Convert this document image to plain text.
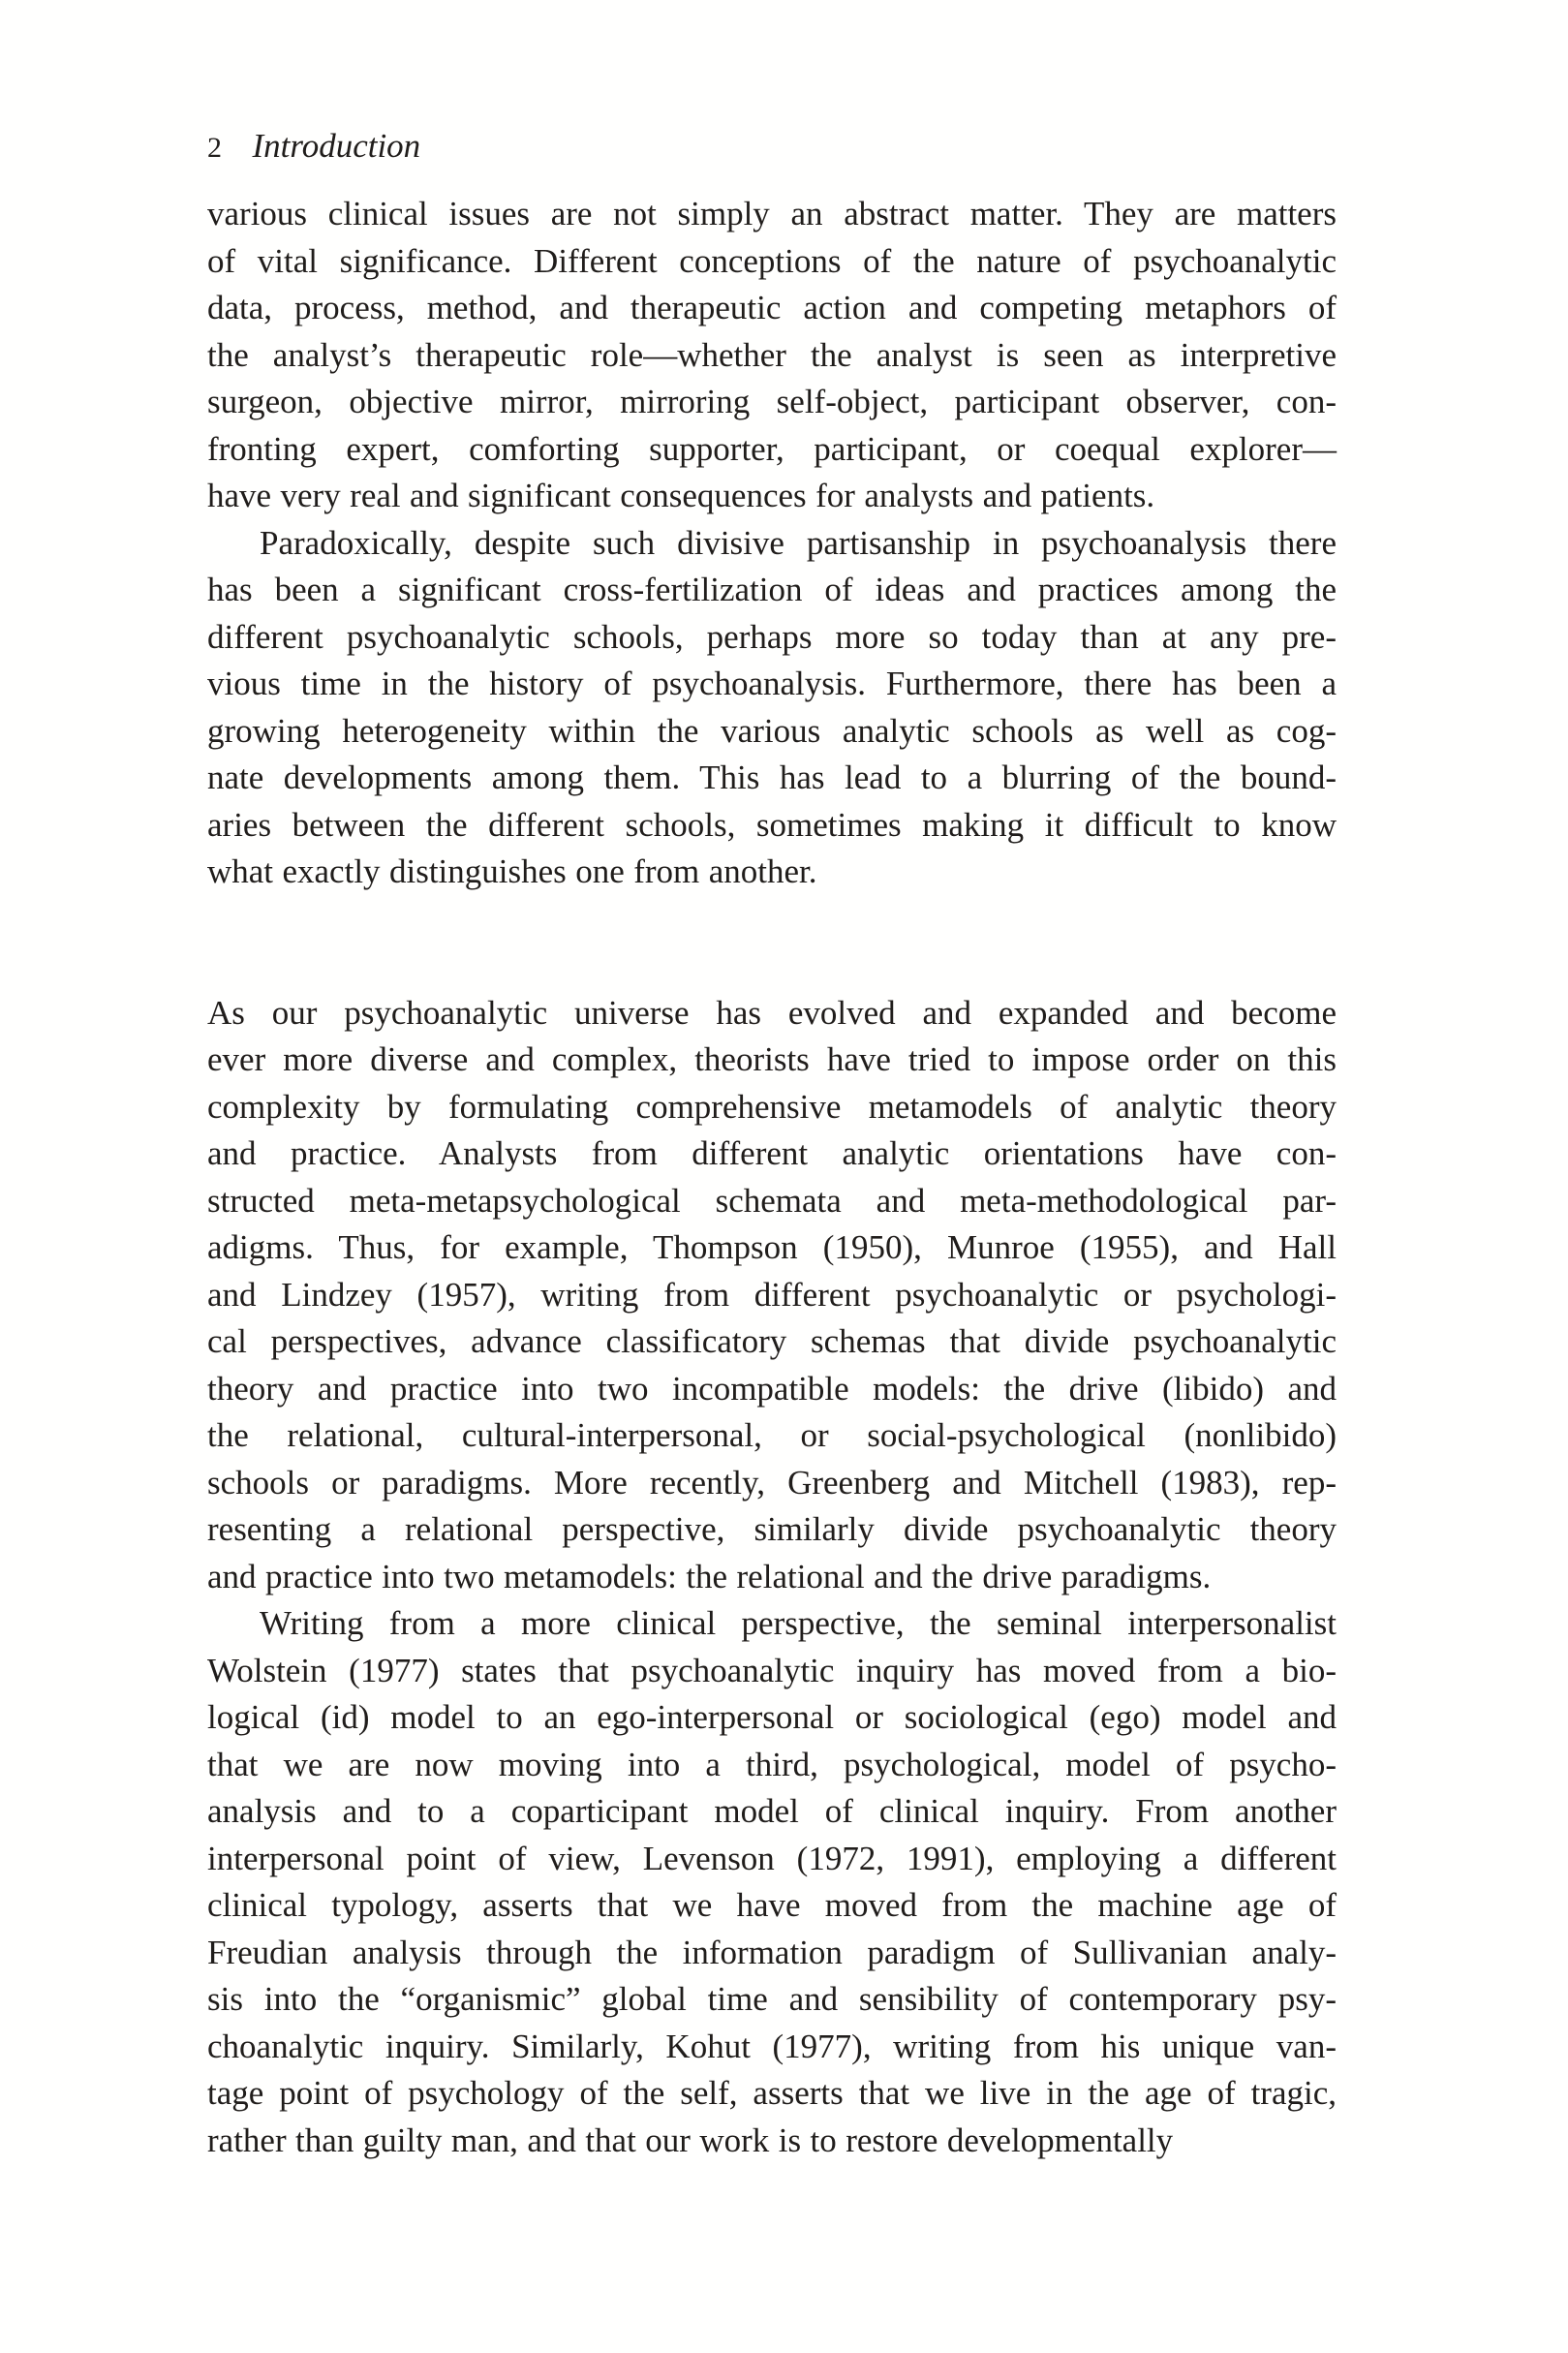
2 Introduction
various clinical issues are not simply an abstract matter. They are matters
of vital significance. Different conceptions of the nature of psychoanalytic
data, process, method, and therapeutic action and competing metaphors of
the analyst’s therapeutic role—whether the analyst is seen as interpretive
surgeon, objective mirror, mirroring self-object, participant observer, con-
fronting expert, comforting supporter, participant, or coequal explorer—
have very real and significant consequences for analysts and patients.
Paradoxically, despite such divisive partisanship in psychoanalysis there
has been a significant cross-fertilization of ideas and practices among the
different psychoanalytic schools, perhaps more so today than at any pre-
vious time in the history of psychoanalysis. Furthermore, there has been a
growing heterogeneity within the various analytic schools as well as cog-
nate developments among them. This has lead to a blurring of the bound-
aries between the different schools, sometimes making it difficult to know
what exactly distinguishes one from another.
As our psychoanalytic universe has evolved and expanded and become
ever more diverse and complex, theorists have tried to impose order on this
complexity by formulating comprehensive metamodels of analytic theory
and practice. Analysts from different analytic orientations have con-
structed meta-metapsychological schemata and meta-methodological par-
adigms. Thus, for example, Thompson (1950), Munroe (1955), and Hall
and Lindzey (1957), writing from different psychoanalytic or psychologi-
cal perspectives, advance classificatory schemas that divide psychoanalytic
theory and practice into two incompatible models: the drive (libido) and
the relational, cultural-interpersonal, or social-psychological (nonlibido)
schools or paradigms. More recently, Greenberg and Mitchell (1983), rep-
resenting a relational perspective, similarly divide psychoanalytic theory
and practice into two metamodels: the relational and the drive paradigms.
Writing from a more clinical perspective, the seminal interpersonalist
Wolstein (1977) states that psychoanalytic inquiry has moved from a bio-
logical (id) model to an ego-interpersonal or sociological (ego) model and
that we are now moving into a third, psychological, model of psycho-
analysis and to a coparticipant model of clinical inquiry. From another
interpersonal point of view, Levenson (1972, 1991), employing a different
clinical typology, asserts that we have moved from the machine age of
Freudian analysis through the information paradigm of Sullivanian analy-
sis into the “organismic” global time and sensibility of contemporary psy-
choanalytic inquiry. Similarly, Kohut (1977), writing from his unique van-
tage point of psychology of the self, asserts that we live in the age of tragic,
rather than guilty man, and that our work is to restore developmentally
